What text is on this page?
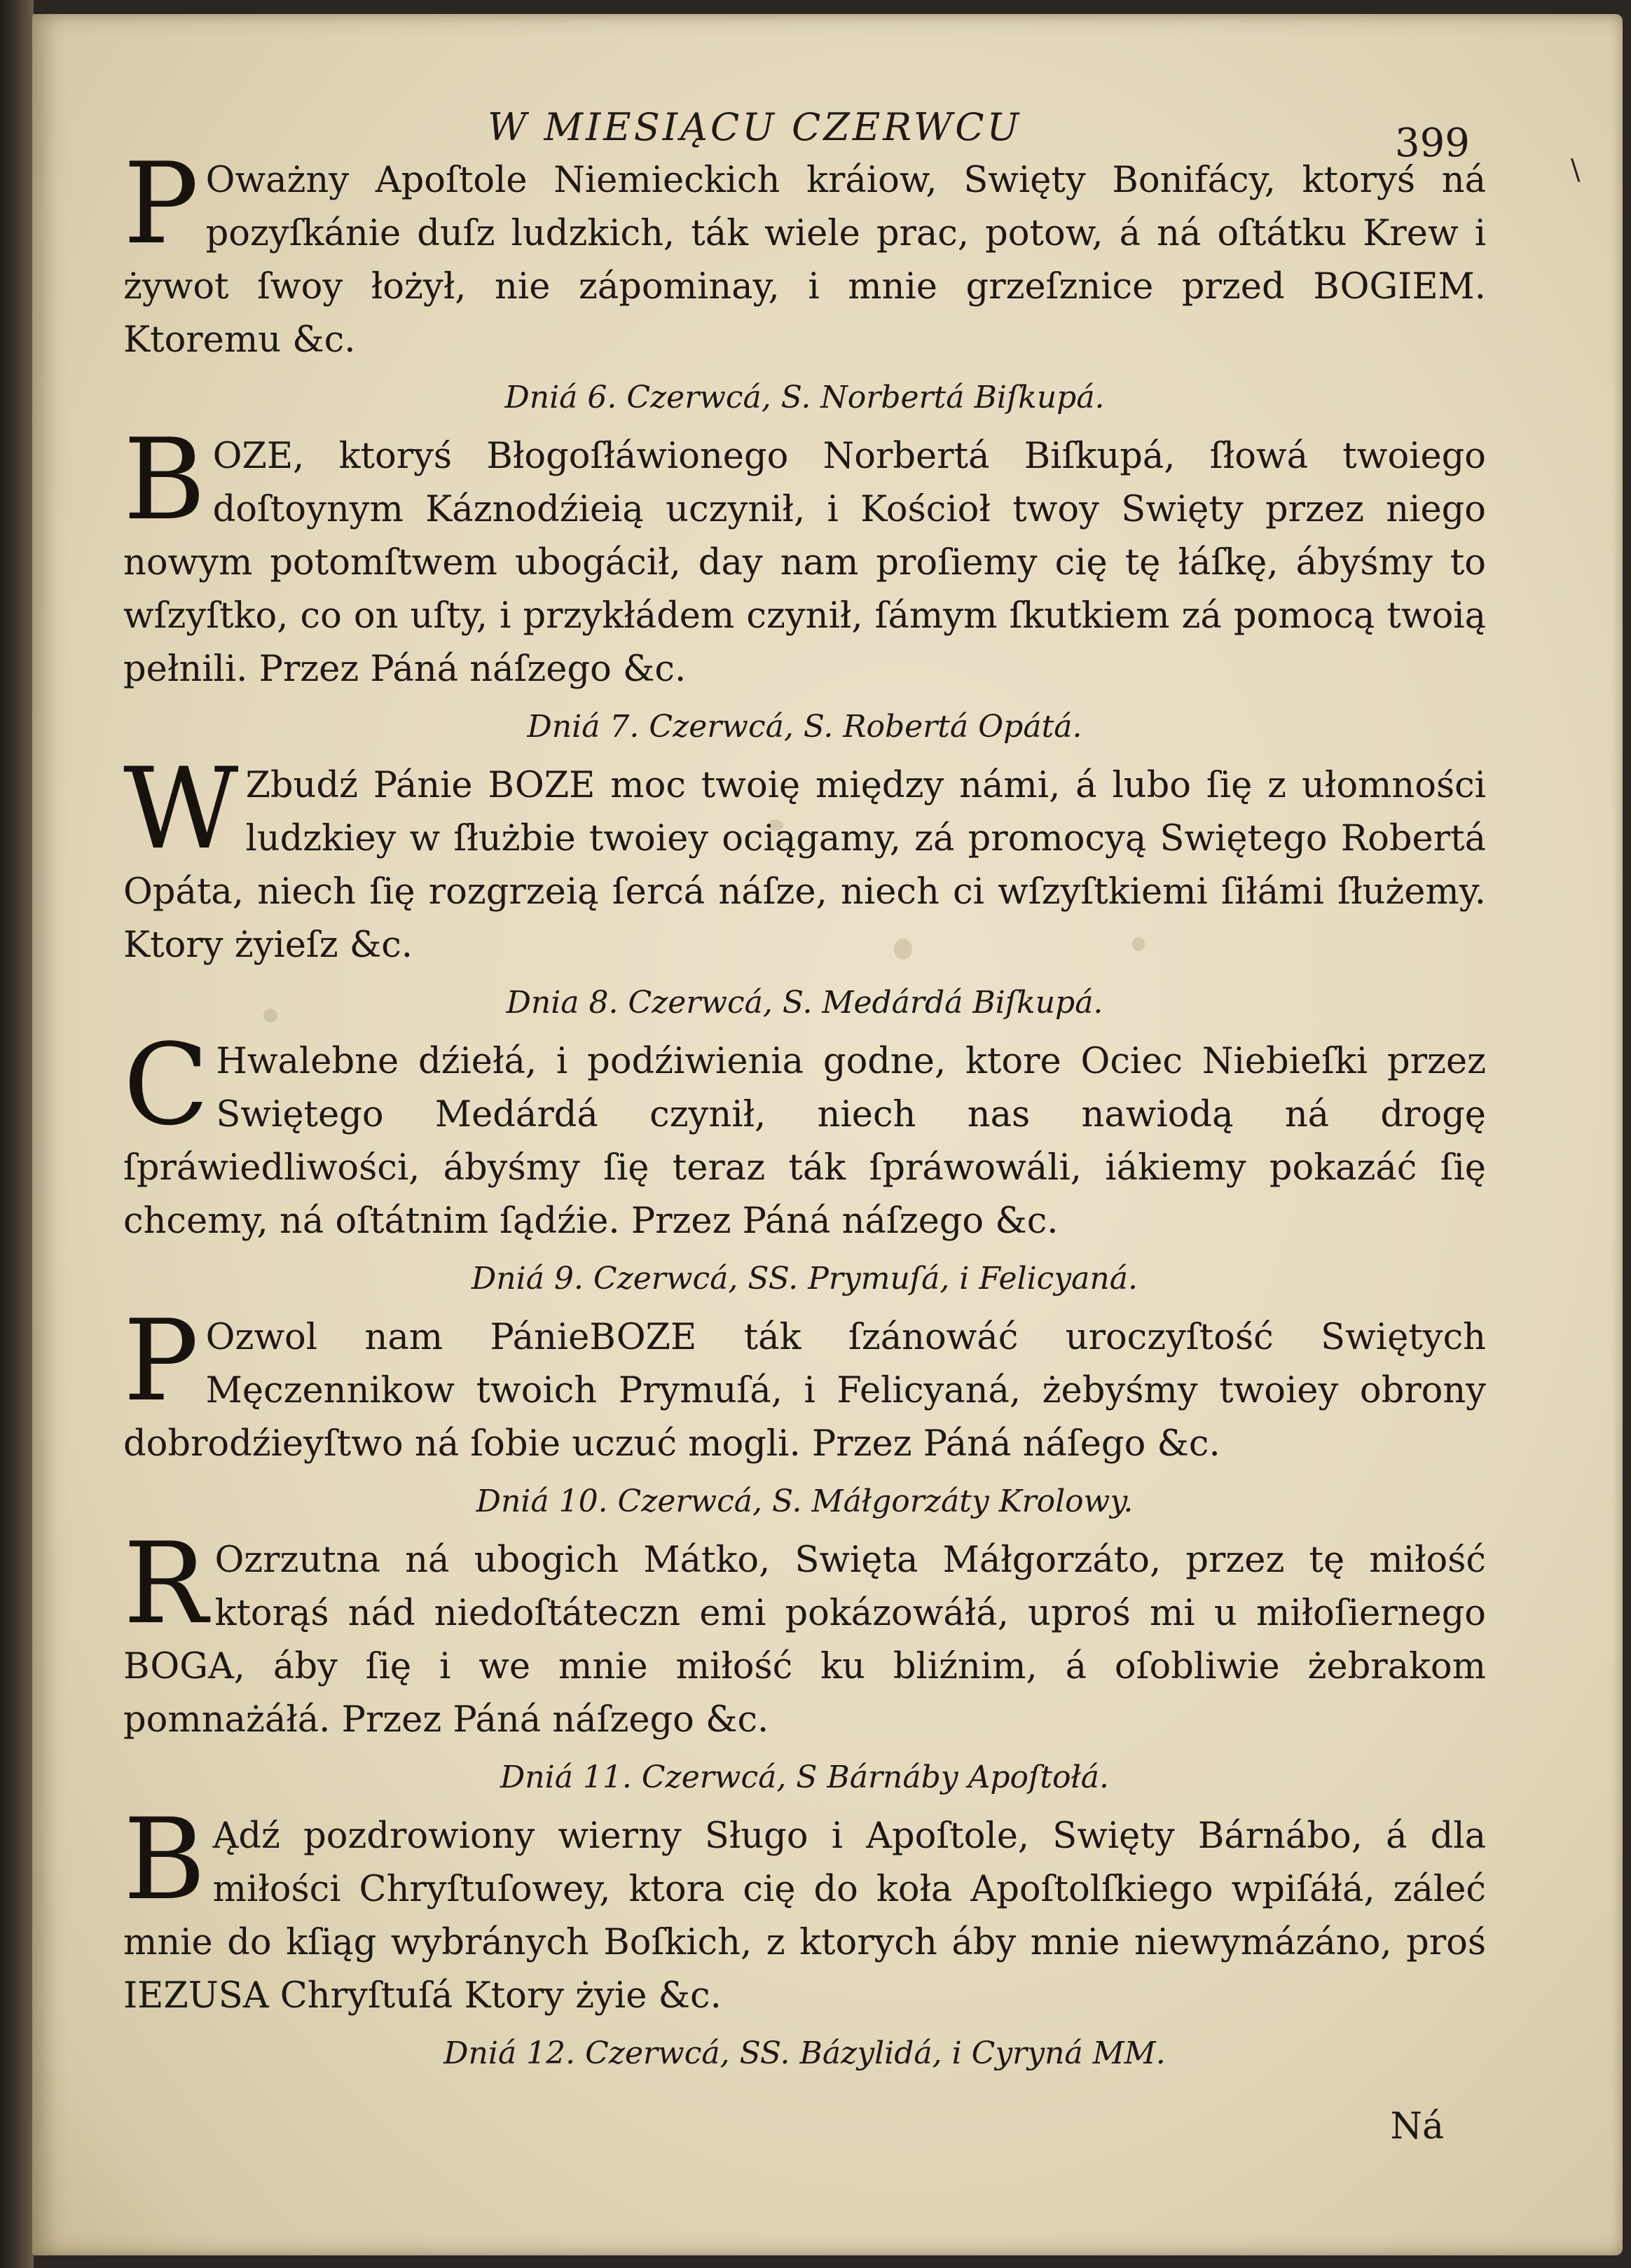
W MIESIĄCU CZERWCU	399
\

POważny Apoſtole Niemieckich kráiow, Swięty Bonifácy, ktoryś ná pozyſkánie duſz ludzkich, ták wiele prac, potow, á ná oſtátku Krew i żywot ſwoy łożył, nie zápominay, i mnie grzeſznice przed BOGIEM. Ktoremu &c.

Dniá 6. Czerwcá, S. Norbertá Biſkupá.

BOZE, ktoryś Błogoſłáwionego Norbertá Biſkupá, ſłowá twoiego doſtoynym Káznodźieią uczynił, i Kościoł twoy Swięty przez niego nowym potomſtwem ubogácił, day nam proſiemy cię tę łáſkę, ábyśmy to wſzyſtko, co on uſty, i przykłádem czynił, ſámym ſkutkiem zá pomocą twoią pełnili. Przez Páná náſzego &c.

Dniá 7. Czerwcá, S. Robertá Opátá.

WZbudź Pánie BOZE moc twoię między námi, á lubo ſię z ułomności ludzkiey w ſłużbie twoiey ociągamy, zá promocyą Swiętego Robertá Opáta, niech ſię rozgrzeią ſercá náſze, niech ci wſzyſtkiemi ſiłámi ſłużemy. Ktory żyieſz &c.

Dnia 8. Czerwcá, S. Medárdá Biſkupá.

CHwalebne dźiełá, i podźiwienia godne, ktore Ociec Niebieſki przez Swiętego Medárdá czynił, niech nas nawiodą ná drogę ſpráwiedliwości, ábyśmy ſię teraz ták ſpráwowáli, iákiemy pokazáć ſię chcemy, ná oſtátnim ſądźie. Przez Páná náſzego &c.

Dniá 9. Czerwcá, SS. Prymuſá, i Felicyaná.

POzwol nam PánieBOZE ták ſzánowáć uroczyſtość Swiętych Męczennikow twoich Prymuſá, i Felicyaná, żebyśmy twoiey obrony dobrodźieyſtwo ná ſobie uczuć mogli. Przez Páná náſego &c.

Dniá 10. Czerwcá, S. Máłgorzáty Krolowy.

ROzrzutna ná ubogich Mátko, Swięta Máłgorzáto, przez tę miłość ktorąś nád niedoſtáteczn emi pokázowáłá, uproś mi u miłoſiernego BOGA, áby ſię i we mnie miłość ku bliźnim, á oſobliwie żebrakom pomnażáłá. Przez Páná náſzego &c.

Dniá 11. Czerwcá, S Bárnáby Apoſtołá.

BĄdź pozdrowiony wierny Sługo i Apoſtole, Swięty Bárnábo, á dla miłości Chryſtuſowey, ktora cię do koła Apoſtolſkiego wpiſáłá, záleć mnie do kſiąg wybránych Boſkich, z ktorych áby mnie niewymázáno, proś IEZUSA Chryſtuſá Ktory żyie &c.

Dniá 12. Czerwcá, SS. Bázylidá, i Cyryná MM.
Ná
